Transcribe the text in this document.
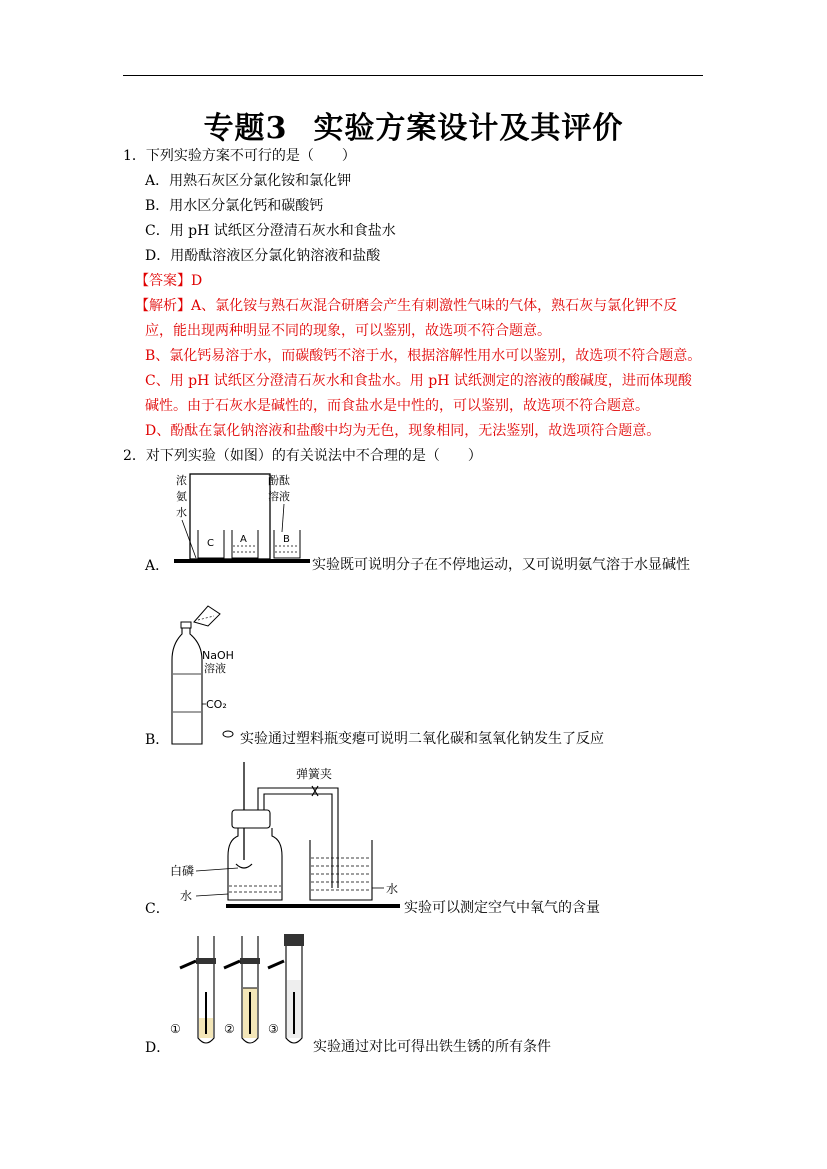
专题3 实验方案设计及其评价
1．下列实验方案不可行的是（　　）
A．用熟石灰区分氯化铵和氯化钾
B．用水区分氯化钙和碳酸钙
C．用 pH 试纸区分澄清石灰水和食盐水
D．用酚酞溶液区分氯化钠溶液和盐酸
【答案】D
【解析】A、氯化铵与熟石灰混合研磨会产生有刺激性气味的气体，熟石灰与氯化钾不反
应，能出现两种明显不同的现象，可以鉴别，故选项不符合题意。
B、氯化钙易溶于水，而碳酸钙不溶于水，根据溶解性用水可以鉴别，故选项不符合题意。
C、用 pH 试纸区分澄清石灰水和食盐水。用 pH 试纸测定的溶液的酸碱度，进而体现酸
碱性。由于石灰水是碱性的，而食盐水是中性的，可以鉴别，故选项不符合题意。
D、酚酞在氯化钠溶液和盐酸中均为无色，现象相同，无法鉴别，故选项符合题意。
2．对下列实验（如图）的有关说法中不合理的是（　　）
浓
氨
水
酚酞
溶液
C	A	B
A．	实验既可说明分子在不停地运动，又可说明氨气溶于水显碱性
NaOH
溶液
CO₂
B．	实验通过塑料瓶变瘪可说明二氧化碳和氢氧化钠发生了反应
弹簧夹
白磷
水	水
C．	实验可以测定空气中氧气的含量
①	②	③
D．	实验通过对比可得出铁生锈的所有条件
